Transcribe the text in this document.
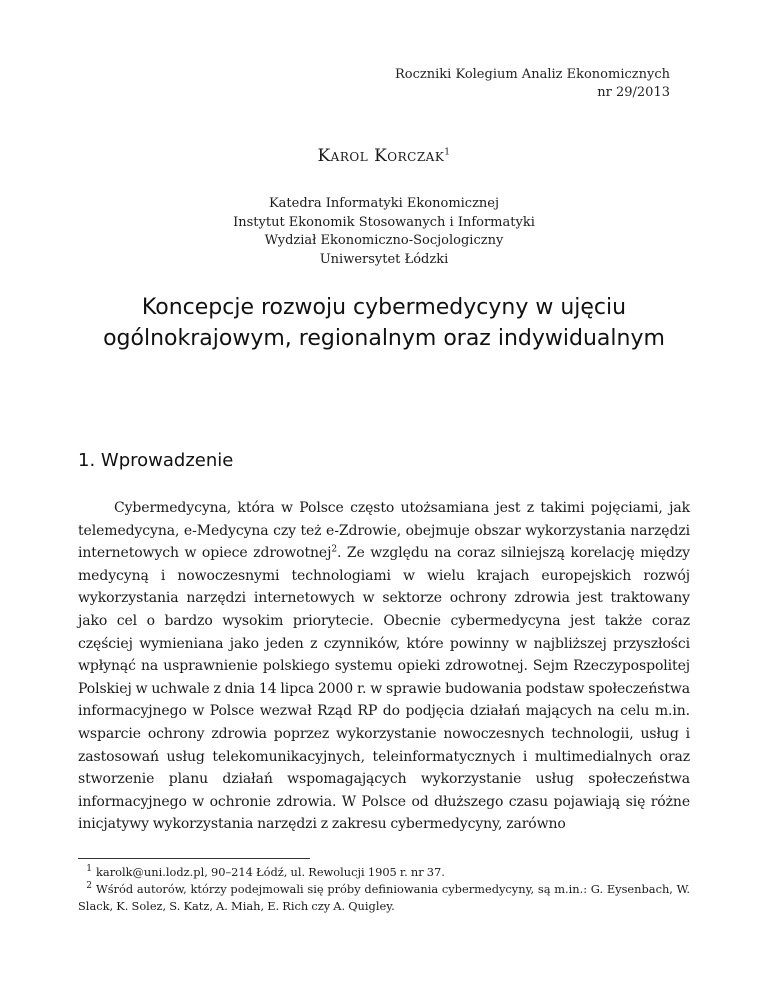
Roczniki Kolegium Analiz Ekonomicznych
nr 29/2013
Karol Korczak$^1$
Katedra Informatyki Ekonomicznej
Instytut Ekonomik Stosowanych i Informatyki
Wydział Ekonomiczno-Socjologiczny
Uniwersytet Łódzki
Koncepcje rozwoju cybermedycyny w ujęciu
ogólnokrajowym, regionalnym oraz indywidualnym
1. Wprowadzenie
Cybermedycyna, która w Polsce często utożsamiana jest z takimi pojęciami, jak telemedycyna, e-Medycyna czy też e-Zdrowie, obejmuje obszar wykorzystania narzędzi internetowych w opiece zdrowotnej$^2$. Ze względu na coraz silniejszą korelację między medycyną i nowoczesnymi technologiami w wielu krajach europejskich rozwój wykorzystania narzędzi internetowych w sektorze ochrony zdrowia jest traktowany jako cel o bardzo wysokim priorytecie. Obecnie cybermedycyna jest także coraz częściej wymieniana jako jeden z czynników, które powinny w najbliższej przyszłości wpłynąć na usprawnienie polskiego systemu opieki zdrowotnej. Sejm Rzeczypospolitej Polskiej w uchwale z dnia 14 lipca 2000 r. w sprawie budowania podstaw społeczeństwa informacyjnego w Polsce wezwał Rząd RP do podjęcia działań mających na celu m.in. wsparcie ochrony zdrowia poprzez wykorzystanie nowoczesnych technologii, usług i zastosowań usług telekomunikacyjnych, teleinformatycznych i multimedialnych oraz stworzenie planu działań wspomagających wykorzystanie usług społeczeństwa informacyjnego w ochronie zdrowia. W Polsce od dłuższego czasu pojawiają się różne inicjatywy wykorzystania narzędzi z zakresu cybermedycyny, zarówno
1 karolk@uni.lodz.pl, 90–214 Łódź, ul. Rewolucji 1905 r. nr 37.
2 Wśród autorów, którzy podejmowali się próby definiowania cybermedycyny, są m.in.: G. Eysenbach, W. Slack, K. Solez, S. Katz, A. Miah, E. Rich czy A. Quigley.
